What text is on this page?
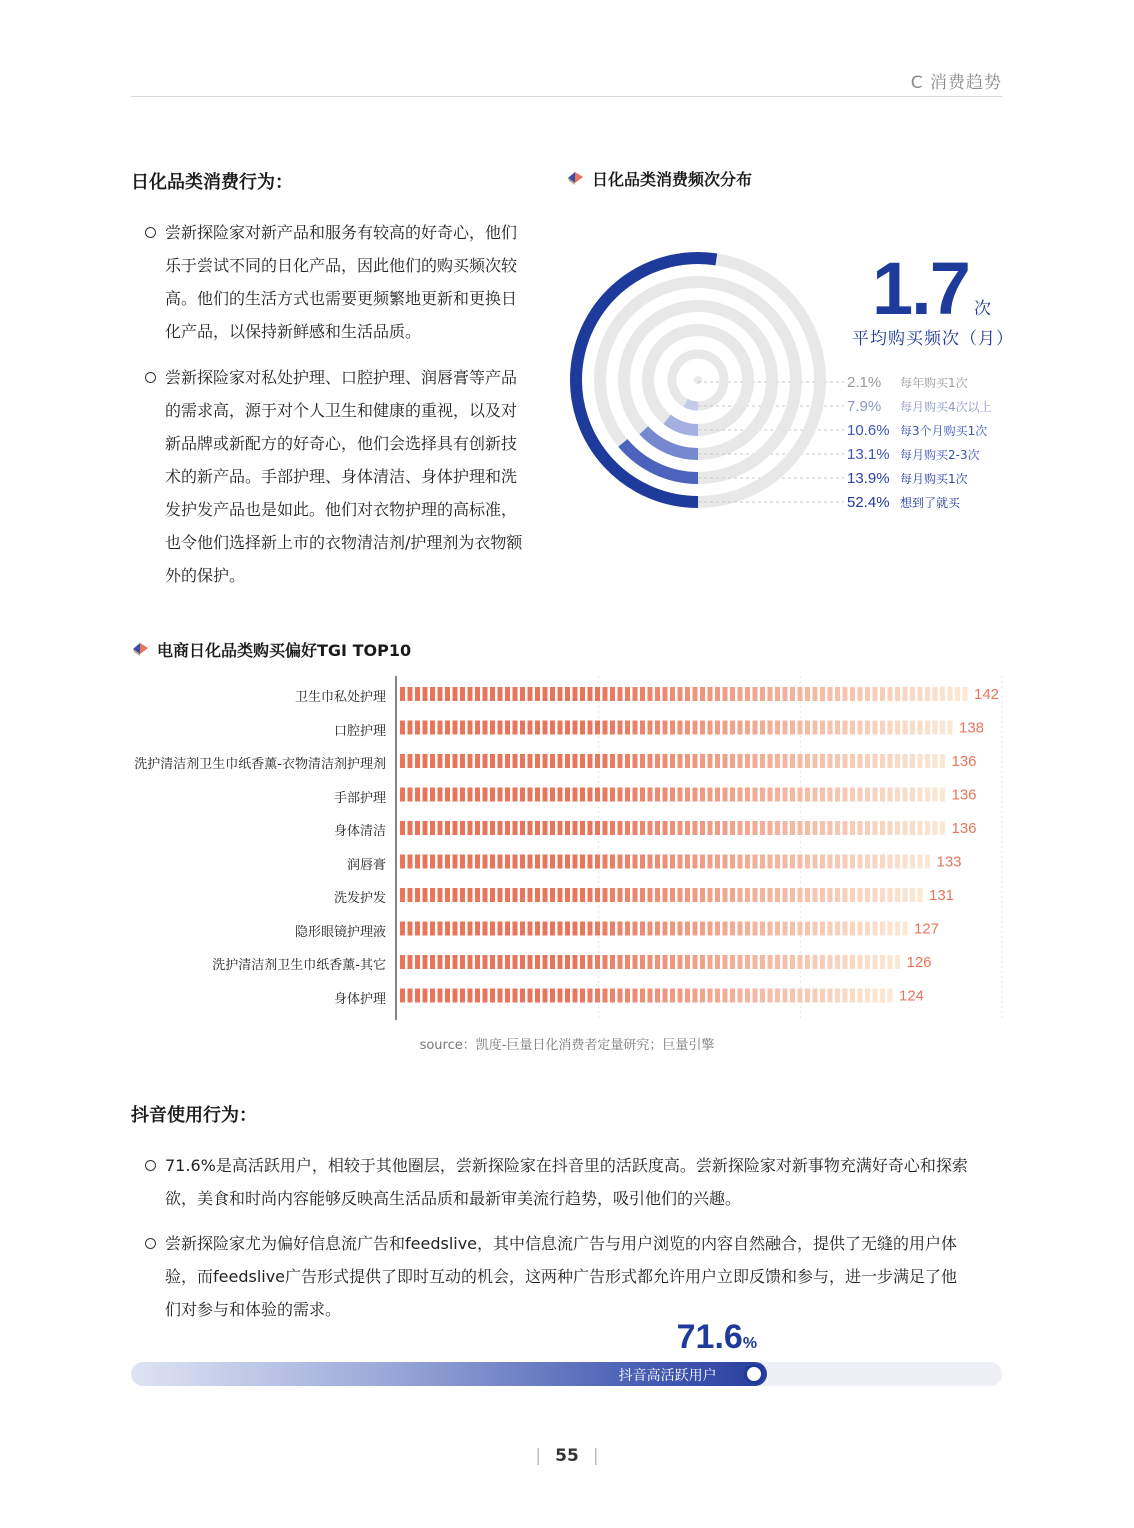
C 消费趋势
日化品类消费行为：
尝新探险家对新产品和服务有较高的好奇心，他们
乐于尝试不同的日化产品，因此他们的购买频次较
高。他们的生活方式也需要更频繁地更新和更换日
化产品，以保持新鲜感和生活品质。
尝新探险家对私处护理、口腔护理、润唇膏等产品
的需求高，源于对个人卫生和健康的重视，以及对
新品牌或新配方的好奇心，他们会选择具有创新技
术的新产品。手部护理、身体清洁、身体护理和洗
发护发产品也是如此。他们对衣物护理的高标准，
也令他们选择新上市的衣物清洁剂/护理剂为衣物额
外的保护。
日化品类消费频次分布
2.1% 每年购买1次
7.9% 每月购买4次以上
10.6% 每3个月购买1次
13.1% 每月购买2-3次
13.9% 每月购买1次
52.4% 想到了就买
1.7 次
平均购买频次（月）
电商日化品类购买偏好TGI TOP10
卫生巾私处护理
口腔护理
洗护清洁剂卫生巾纸香薰-衣物清洁剂护理剂
手部护理
身体清洁
润唇膏
洗发护发
隐形眼镜护理液
洗护清洁剂卫生巾纸香薰-其它
身体护理
142
138
136
136
136
133
131
127
126
124
source：凯度-巨量日化消费者定量研究；巨量引擎
抖音使用行为：
71.6%是高活跃用户，相较于其他圈层，尝新探险家在抖音里的活跃度高。尝新探险家对新事物充满好奇心和探索
欲，美食和时尚内容能够反映高生活品质和最新审美流行趋势，吸引他们的兴趣。
尝新探险家尤为偏好信息流广告和feedslive，其中信息流广告与用户浏览的内容自然融合，提供了无缝的用户体
验，而feedslive广告形式提供了即时互动的机会，这两种广告形式都允许用户立即反馈和参与，进一步满足了他
们对参与和体验的需求。
抖音高活跃用户
71.6%
| 55 |
